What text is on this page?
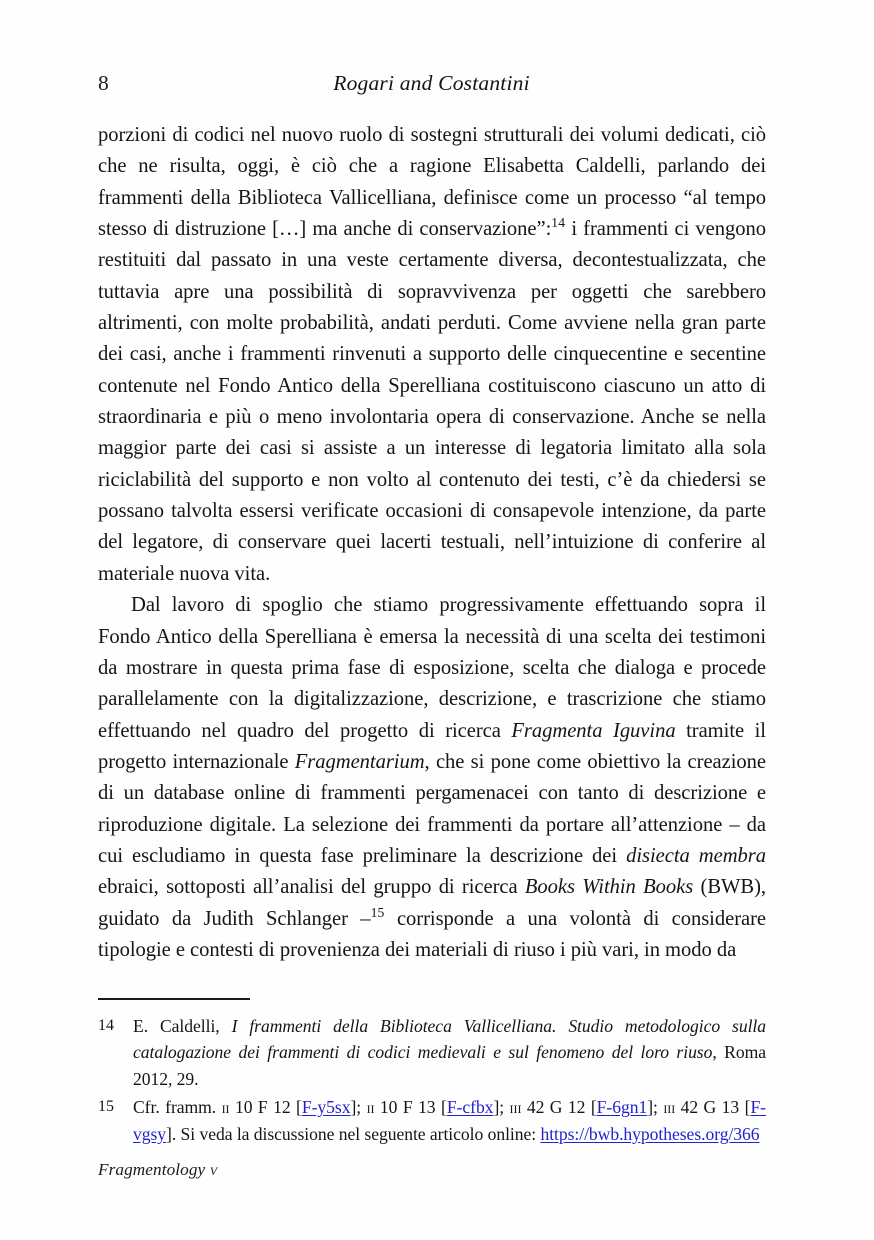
8	Rogari and Costantini

porzioni di codici nel nuovo ruolo di sostegni strutturali dei volumi dedicati, ciò che ne risulta, oggi, è ciò che a ragione Elisabetta Caldelli, parlando dei frammenti della Biblioteca Vallicelliana, definisce come un processo “al tempo stesso di distruzione […] ma anche di conservazione”:$^{14}$ i frammenti ci vengono restituiti dal passato in una veste certamente diversa, decontestualizzata, che tuttavia apre una possibilità di sopravvivenza per oggetti che sarebbero altrimenti, con molte probabilità, andati perduti. Come avviene nella gran parte dei casi, anche i frammenti rinvenuti a supporto delle cinquecentine e secentine contenute nel Fondo Antico della Sperelliana costituiscono ciascuno un atto di straordinaria e più o meno involontaria opera di conservazione. Anche se nella maggior parte dei casi si assiste a un interesse di legatoria limitato alla sola riciclabilità del supporto e non volto al contenuto dei testi, c’è da chiedersi se possano talvolta essersi verificate occasioni di consapevole intenzione, da parte del legatore, di conservare quei lacerti testuali, nell’intuizione di conferire al materiale nuova vita.

Dal lavoro di spoglio che stiamo progressivamente effettuando sopra il Fondo Antico della Sperelliana è emersa la necessità di una scelta dei testimoni da mostrare in questa prima fase di esposizione, scelta che dialoga e procede parallelamente con la digitalizzazione, descrizione, e trascrizione che stiamo effettuando nel quadro del progetto di ricerca Fragmenta Iguvina tramite il progetto internazionale Fragmentarium, che si pone come obiettivo la creazione di un database online di frammenti pergamenacei con tanto di descrizione e riproduzione digitale. La selezione dei frammenti da portare all’attenzione – da cui escludiamo in questa fase preliminare la descrizione dei disiecta membra ebraici, sottoposti all’analisi del gruppo di ricerca Books Within Books (BWB), guidato da Judith Schlanger –$^{15}$ corrisponde a una volontà di considerare tipologie e contesti di provenienza dei materiali di riuso i più vari, in modo da

14	E. Caldelli, I frammenti della Biblioteca Vallicelliana. Studio metodologico sulla catalogazione dei frammenti di codici medievali e sul fenomeno del loro riuso, Roma 2012, 29.
15	Cfr. framm. ii 10 F 12 [F-y5sx]; ii 10 F 13 [F-cfbx]; iii 42 G 12 [F-6gn1]; iii 42 G 13 [F-vgsy]. Si veda la discussione nel seguente articolo online: https://bwb.hypotheses.org/366
Fragmentology v
